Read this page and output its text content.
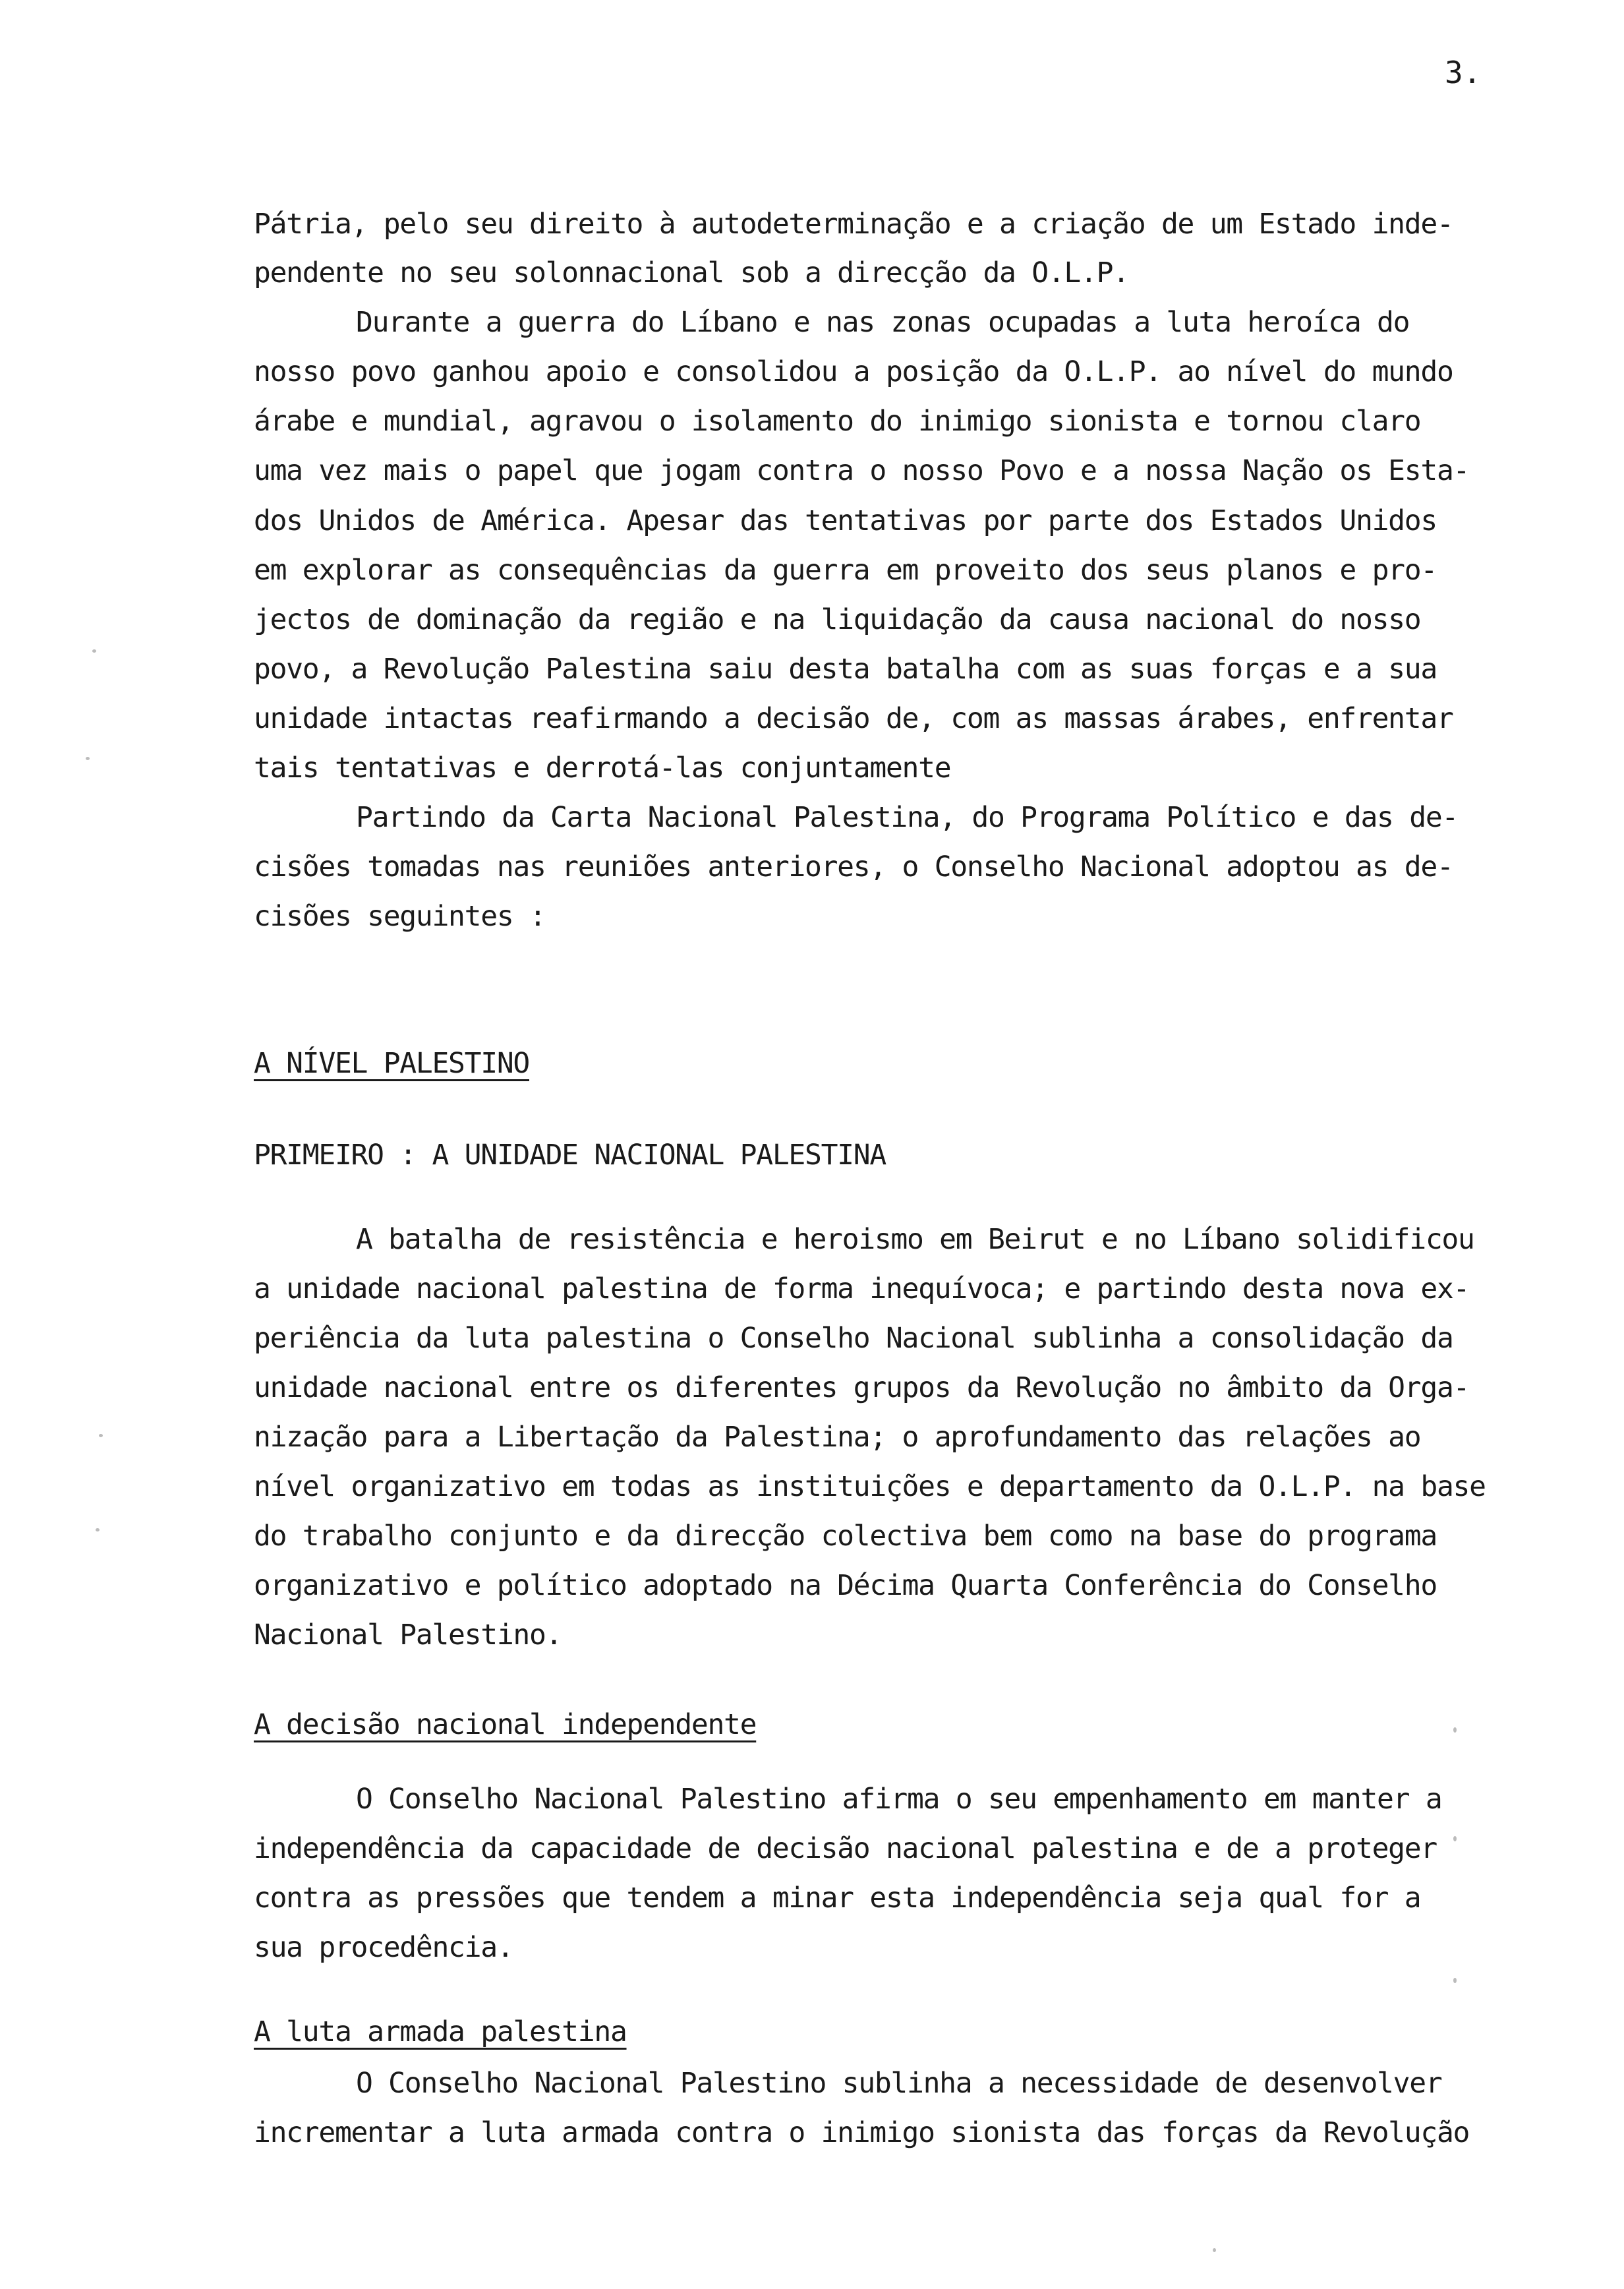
3.
Pátria, pelo seu direito à autodeterminação e a criação de um Estado inde-
pendente no seu solonnacional sob a direcção da O.L.P.
Durante a guerra do Líbano e nas zonas ocupadas a luta heroíca do
nosso povo ganhou apoio e consolidou a posição da O.L.P. ao nível do mundo
árabe e mundial, agravou o isolamento do inimigo sionista e tornou claro
uma vez mais o papel que jogam contra o nosso Povo e a nossa Nação os Esta-
dos Unidos de América. Apesar das tentativas por parte dos Estados Unidos
em explorar as consequências da guerra em proveito dos seus planos e pro-
jectos de dominação da região e na liquidação da causa nacional do nosso
povo, a Revolução Palestina saiu desta batalha com as suas forças e a sua
unidade intactas reafirmando a decisão de, com as massas árabes, enfrentar
tais tentativas e derrotá-las conjuntamente
Partindo da Carta Nacional Palestina, do Programa Político e das de-
cisões tomadas nas reuniões anteriores, o Conselho Nacional adoptou as de-
cisões seguintes :
A NÍVEL PALESTINO
PRIMEIRO : A UNIDADE NACIONAL PALESTINA
A batalha de resistência e heroismo em Beirut e no Líbano solidificou
a unidade nacional palestina de forma inequívoca; e partindo desta nova ex-
periência da luta palestina o Conselho Nacional sublinha a consolidação da
unidade nacional entre os diferentes grupos da Revolução no âmbito da Orga-
nização para a Libertação da Palestina; o aprofundamento das relações ao
nível organizativo em todas as instituições e departamento da O.L.P. na base
do trabalho conjunto e da direcção colectiva bem como na base do programa
organizativo e político adoptado na Décima Quarta Conferência do Conselho
Nacional Palestino.
A decisão nacional independente
O Conselho Nacional Palestino afirma o seu empenhamento em manter a
independência da capacidade de decisão nacional palestina e de a proteger
contra as pressões que tendem a minar esta independência seja qual for a
sua procedência.
A luta armada palestina
O Conselho Nacional Palestino sublinha a necessidade de desenvolver
incrementar a luta armada contra o inimigo sionista das forças da Revolução
